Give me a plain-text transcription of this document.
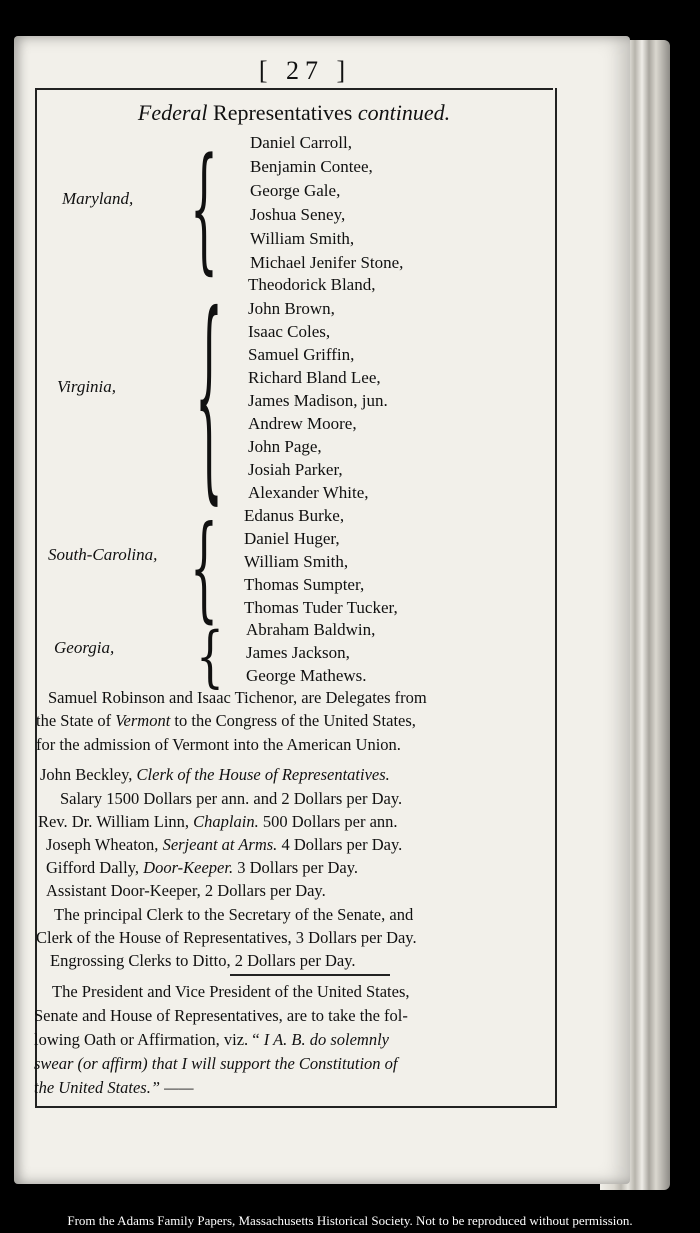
[ 27 ]
Federal Representatives continued.
Maryland, { Daniel Carroll,
Benjamin Contee,
George Gale,
Joshua Seney,
William Smith,
Michael Jenifer Stone,
Virginia, { Theodorick Bland,
John Brown,
Isaac Coles,
Samuel Griffin,
Richard Bland Lee,
James Madison, jun.
Andrew Moore,
John Page,
Josiah Parker,
Alexander White,
South-Carolina, { Edanus Burke,
Daniel Huger,
William Smith,
Thomas Sumpter,
Thomas Tuder Tucker,
Georgia, { Abraham Baldwin,
James Jackson,
George Mathews.
Samuel Robinson and Isaac Tichenor, are Delegates from
the State of Vermont to the Congress of the United States,
for the admission of Vermont into the American Union.
John Beckley, Clerk of the House of Representatives.
Salary 1500 Dollars per ann. and 2 Dollars per Day.
Rev. Dr. William Linn, Chaplain. 500 Dollars per ann.
Joseph Wheaton, Serjeant at Arms. 4 Dollars per Day.
Gifford Dally, Door-Keeper. 3 Dollars per Day.
Assistant Door-Keeper, 2 Dollars per Day.
The principal Clerk to the Secretary of the Senate, and
Clerk of the House of Representatives, 3 Dollars per Day.
Engrossing Clerks to Ditto, 2 Dollars per Day.
The President and Vice President of the United States,
Senate and House of Representatives, are to take the fol-
lowing Oath or Affirmation, viz. “ I A. B. do solemnly
swear (or affirm) that I will support the Constitution of
the United States.” ——
From the Adams Family Papers, Massachusetts Historical Society. Not to be reproduced without permission.
